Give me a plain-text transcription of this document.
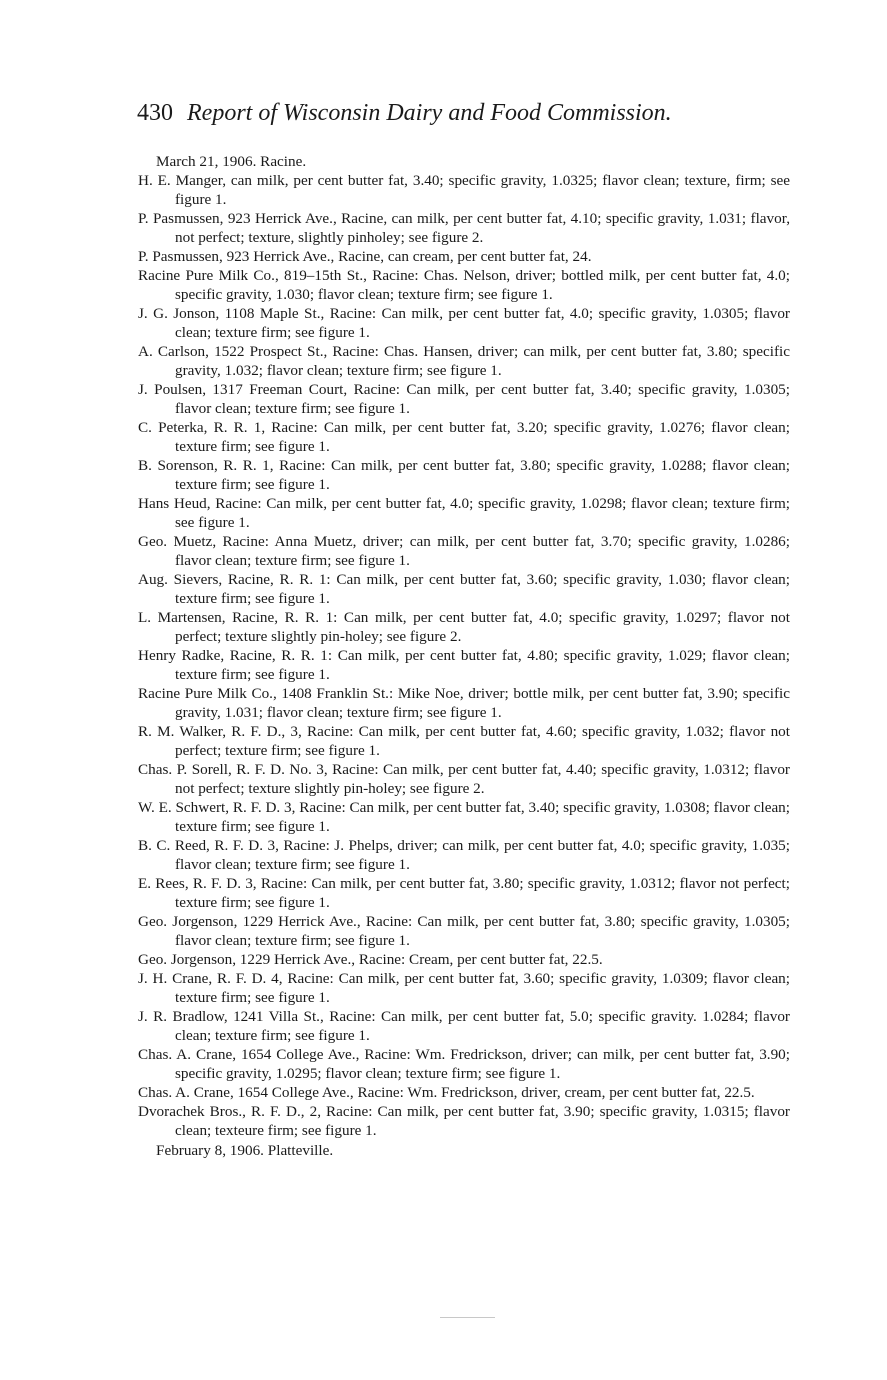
430 Report of Wisconsin Dairy and Food Commission.
March 21, 1906. Racine.
H. E. Manger, can milk, per cent butter fat, 3.40; specific gravity, 1.0325; flavor clean; texture, firm; see figure 1.
P. Pasmussen, 923 Herrick Ave., Racine, can milk, per cent butter fat, 4.10; specific gravity, 1.031; flavor, not perfect; texture, slightly pinholey; see figure 2.
P. Pasmussen, 923 Herrick Ave., Racine, can cream, per cent butter fat, 24.
Racine Pure Milk Co., 819–15th St., Racine: Chas. Nelson, driver; bottled milk, per cent butter fat, 4.0; specific gravity, 1.030; flavor clean; texture firm; see figure 1.
J. G. Jonson, 1108 Maple St., Racine: Can milk, per cent butter fat, 4.0; specific gravity, 1.0305; flavor clean; texture firm; see figure 1.
A. Carlson, 1522 Prospect St., Racine: Chas. Hansen, driver; can milk, per cent butter fat, 3.80; specific gravity, 1.032; flavor clean; texture firm; see figure 1.
J. Poulsen, 1317 Freeman Court, Racine: Can milk, per cent butter fat, 3.40; specific gravity, 1.0305; flavor clean; texture firm; see figure 1.
C. Peterka, R. R. 1, Racine: Can milk, per cent butter fat, 3.20; specific gravity, 1.0276; flavor clean; texture firm; see figure 1.
B. Sorenson, R. R. 1, Racine: Can milk, per cent butter fat, 3.80; specific gravity, 1.0288; flavor clean; texture firm; see figure 1.
Hans Heud, Racine: Can milk, per cent butter fat, 4.0; specific gravity, 1.0298; flavor clean; texture firm; see figure 1.
Geo. Muetz, Racine: Anna Muetz, driver; can milk, per cent butter fat, 3.70; specific gravity, 1.0286; flavor clean; texture firm; see figure 1.
Aug. Sievers, Racine, R. R. 1: Can milk, per cent butter fat, 3.60; specific gravity, 1.030; flavor clean; texture firm; see figure 1.
L. Martensen, Racine, R. R. 1: Can milk, per cent butter fat, 4.0; specific gravity, 1.0297; flavor not perfect; texture slightly pin-holey; see figure 2.
Henry Radke, Racine, R. R. 1: Can milk, per cent butter fat, 4.80; specific gravity, 1.029; flavor clean; texture firm; see figure 1.
Racine Pure Milk Co., 1408 Franklin St.: Mike Noe, driver; bottle milk, per cent butter fat, 3.90; specific gravity, 1.031; flavor clean; texture firm; see figure 1.
R. M. Walker, R. F. D., 3, Racine: Can milk, per cent butter fat, 4.60; specific gravity, 1.032; flavor not perfect; texture firm; see figure 1.
Chas. P. Sorell, R. F. D. No. 3, Racine: Can milk, per cent butter fat, 4.40; specific gravity, 1.0312; flavor not perfect; texture slightly pin-holey; see figure 2.
W. E. Schwert, R. F. D. 3, Racine: Can milk, per cent butter fat, 3.40; specific gravity, 1.0308; flavor clean; texture firm; see figure 1.
B. C. Reed, R. F. D. 3, Racine: J. Phelps, driver; can milk, per cent butter fat, 4.0; specific gravity, 1.035; flavor clean; texture firm; see figure 1.
E. Rees, R. F. D. 3, Racine: Can milk, per cent butter fat, 3.80; specific gravity, 1.0312; flavor not perfect; texture firm; see figure 1.
Geo. Jorgenson, 1229 Herrick Ave., Racine: Can milk, per cent butter fat, 3.80; specific gravity, 1.0305; flavor clean; texture firm; see figure 1.
Geo. Jorgenson, 1229 Herrick Ave., Racine: Cream, per cent butter fat, 22.5.
J. H. Crane, R. F. D. 4, Racine: Can milk, per cent butter fat, 3.60; specific gravity, 1.0309; flavor clean; texture firm; see figure 1.
J. R. Bradlow, 1241 Villa St., Racine: Can milk, per cent butter fat, 5.0; specific gravity. 1.0284; flavor clean; texture firm; see figure 1.
Chas. A. Crane, 1654 College Ave., Racine: Wm. Fredrickson, driver; can milk, per cent butter fat, 3.90; specific gravity, 1.0295; flavor clean; texture firm; see figure 1.
Chas. A. Crane, 1654 College Ave., Racine: Wm. Fredrickson, driver, cream, per cent butter fat, 22.5.
Dvorachek Bros., R. F. D., 2, Racine: Can milk, per cent butter fat, 3.90; specific gravity, 1.0315; flavor clean; texteure firm; see figure 1.
February 8, 1906. Platteville.
